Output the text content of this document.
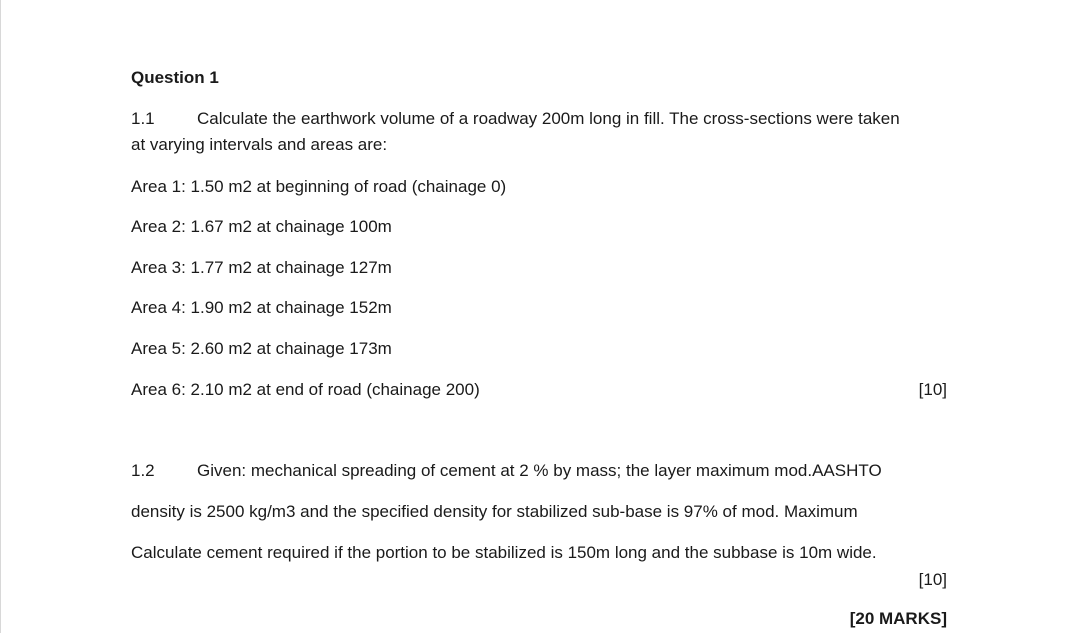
Question 1
1.1 Calculate the earthwork volume of a roadway 200m long in fill. The cross-sections were taken
at varying intervals and areas are:
Area 1: 1.50 m2 at beginning of road (chainage 0)
Area 2: 1.67 m2 at chainage 100m
Area 3: 1.77 m2 at chainage 127m
Area 4: 1.90 m2 at chainage 152m
Area 5: 2.60 m2 at chainage 173m
Area 6: 2.10 m2 at end of road (chainage 200)	[10]
1.2 Given: mechanical spreading of cement at 2 % by mass; the layer maximum mod.AASHTO
density is 2500 kg/m3 and the specified density for stabilized sub-base is 97% of mod. Maximum
Calculate cement required if the portion to be stabilized is 150m long and the subbase is 10m wide.
[10]
[20 MARKS]
